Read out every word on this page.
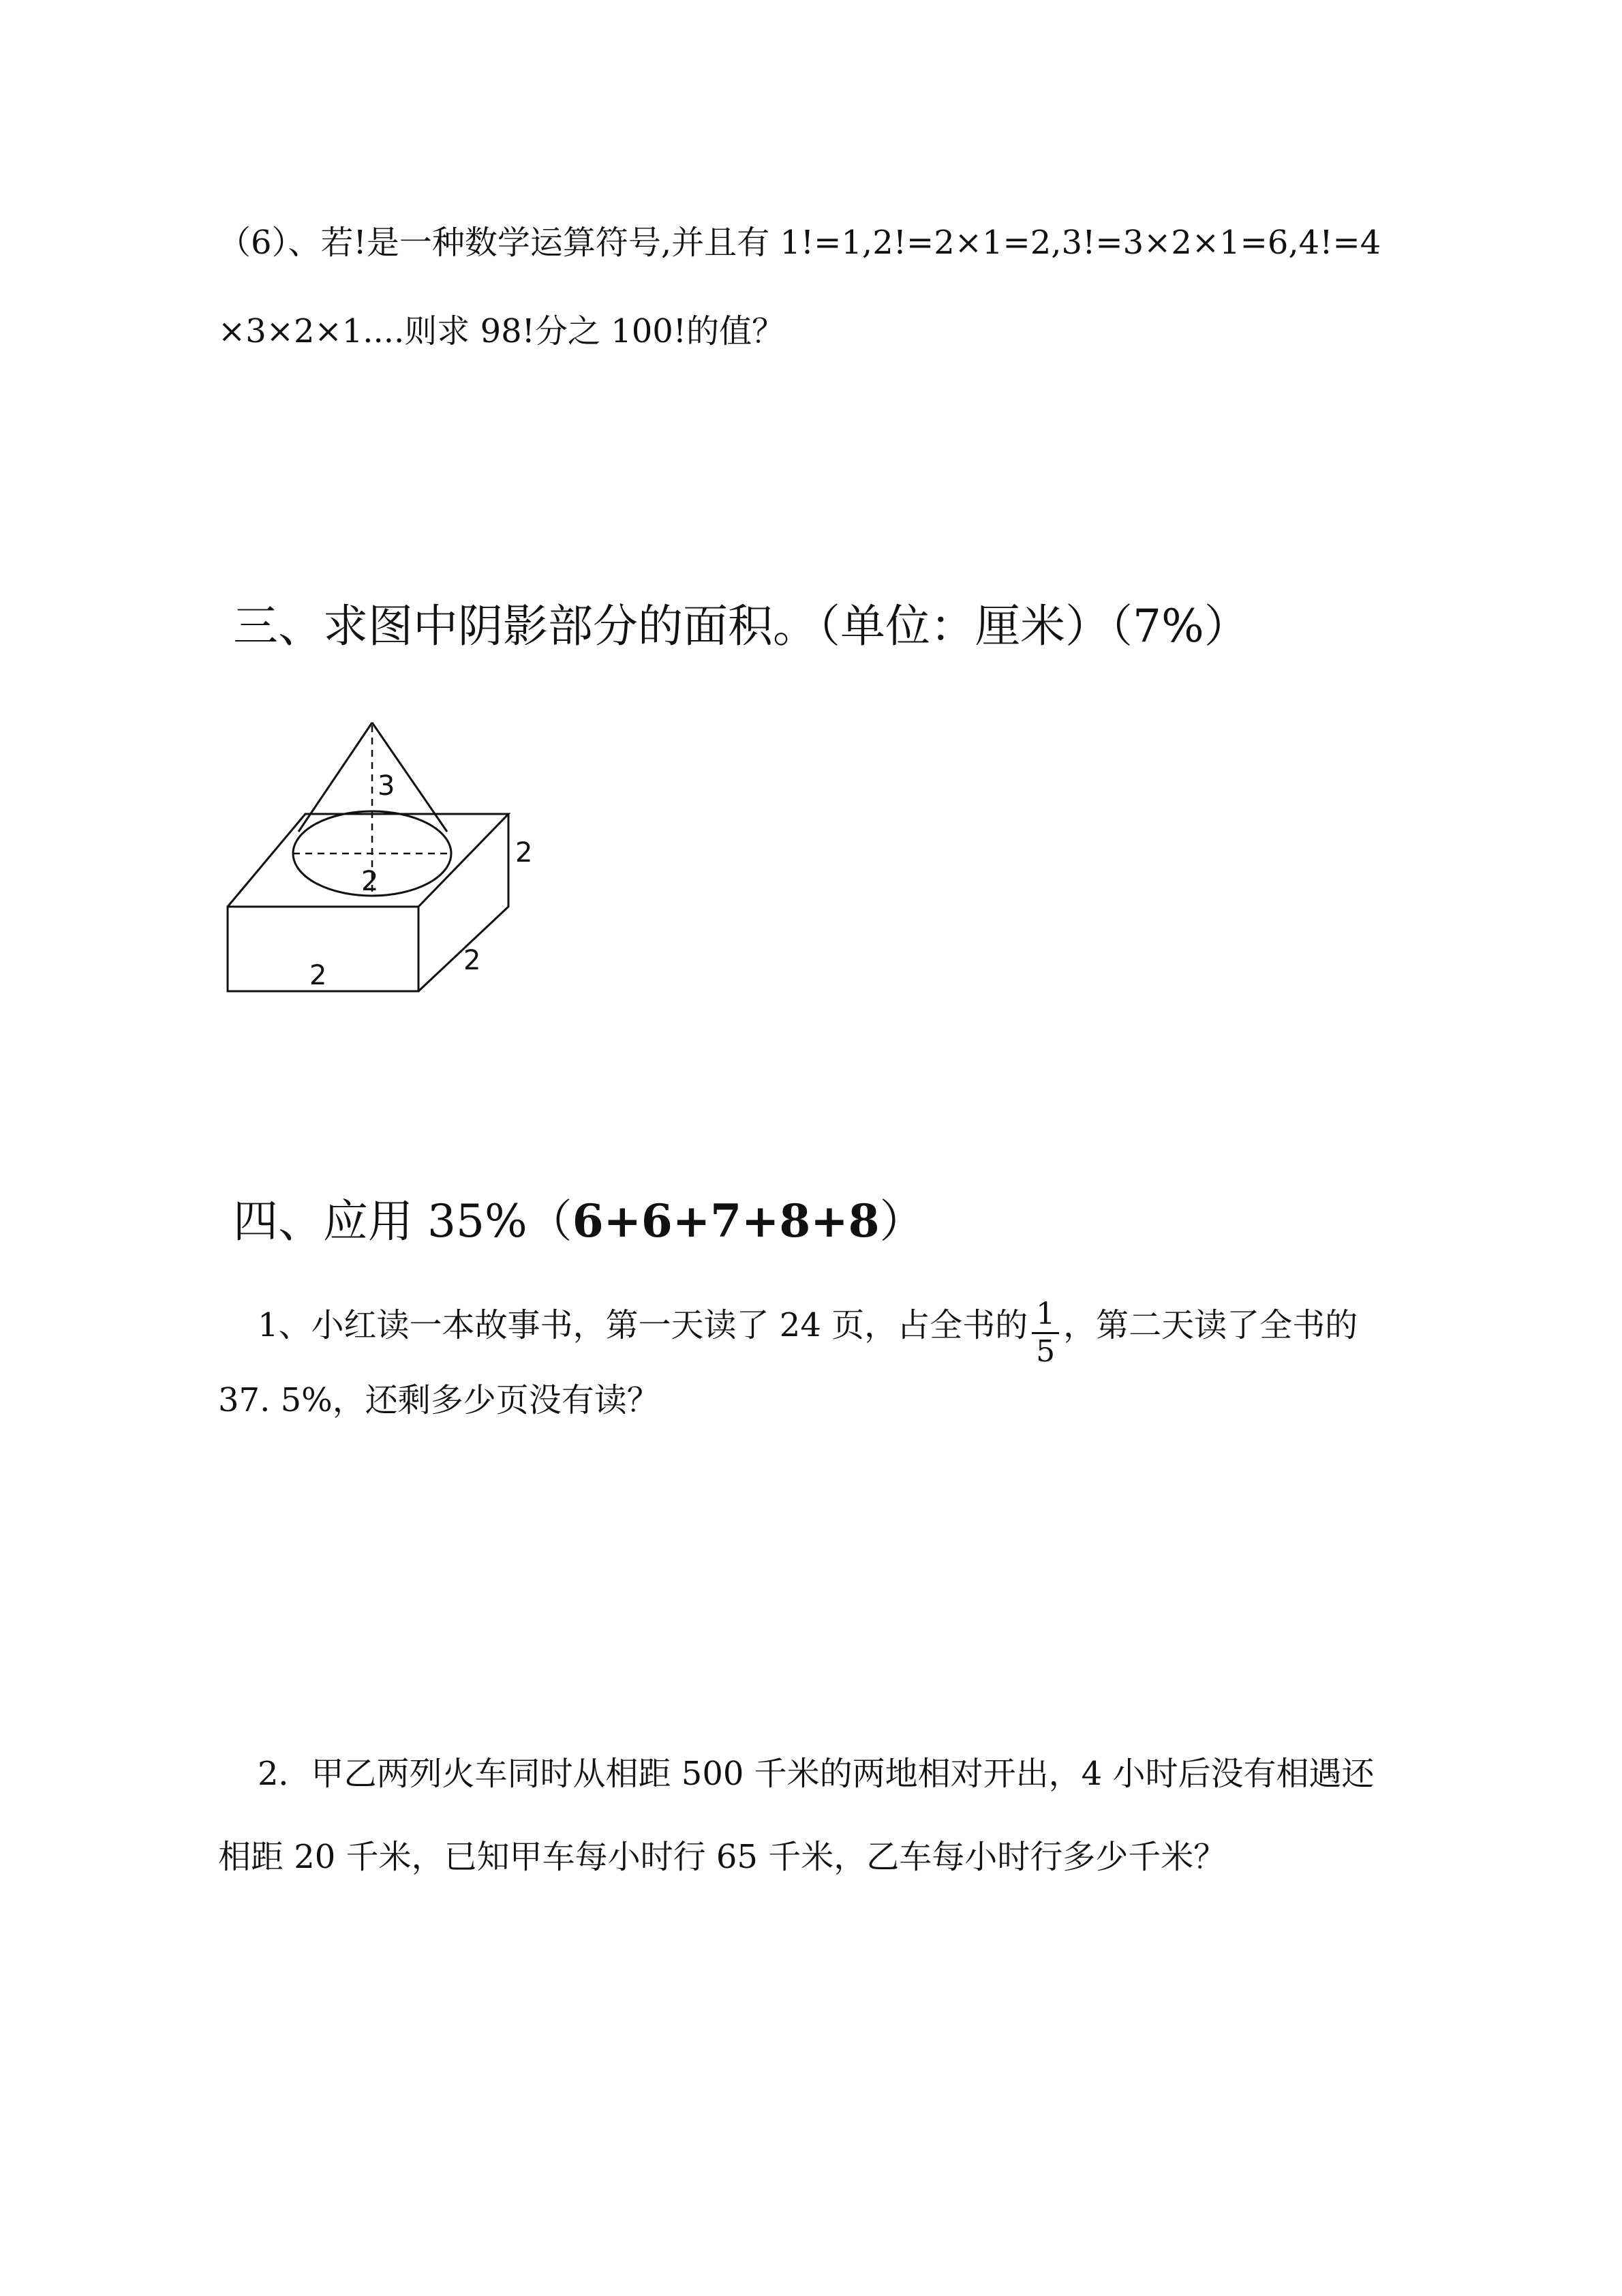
（6）、若!是一种数学运算符号,并且有 1!=1,2!=2×1=2,3!=3×2×1=6,4!=4
×3×2×1....则求 98!分之 100!的值？
三、求图中阴影部分的面积。（单位：厘米）（7%）
3
2
2
2
2
四、应用 35%（6+6+7+8+8）
1、小红读一本故事书，第一天读了 24 页，占全书的 $\frac{1}{5}$ ，第二天读了全书的
37. 5%，还剩多少页没有读？
2．甲乙两列火车同时从相距 500 千米的两地相对开出，4 小时后没有相遇还
相距 20 千米，已知甲车每小时行 65 千米，乙车每小时行多少千米？
